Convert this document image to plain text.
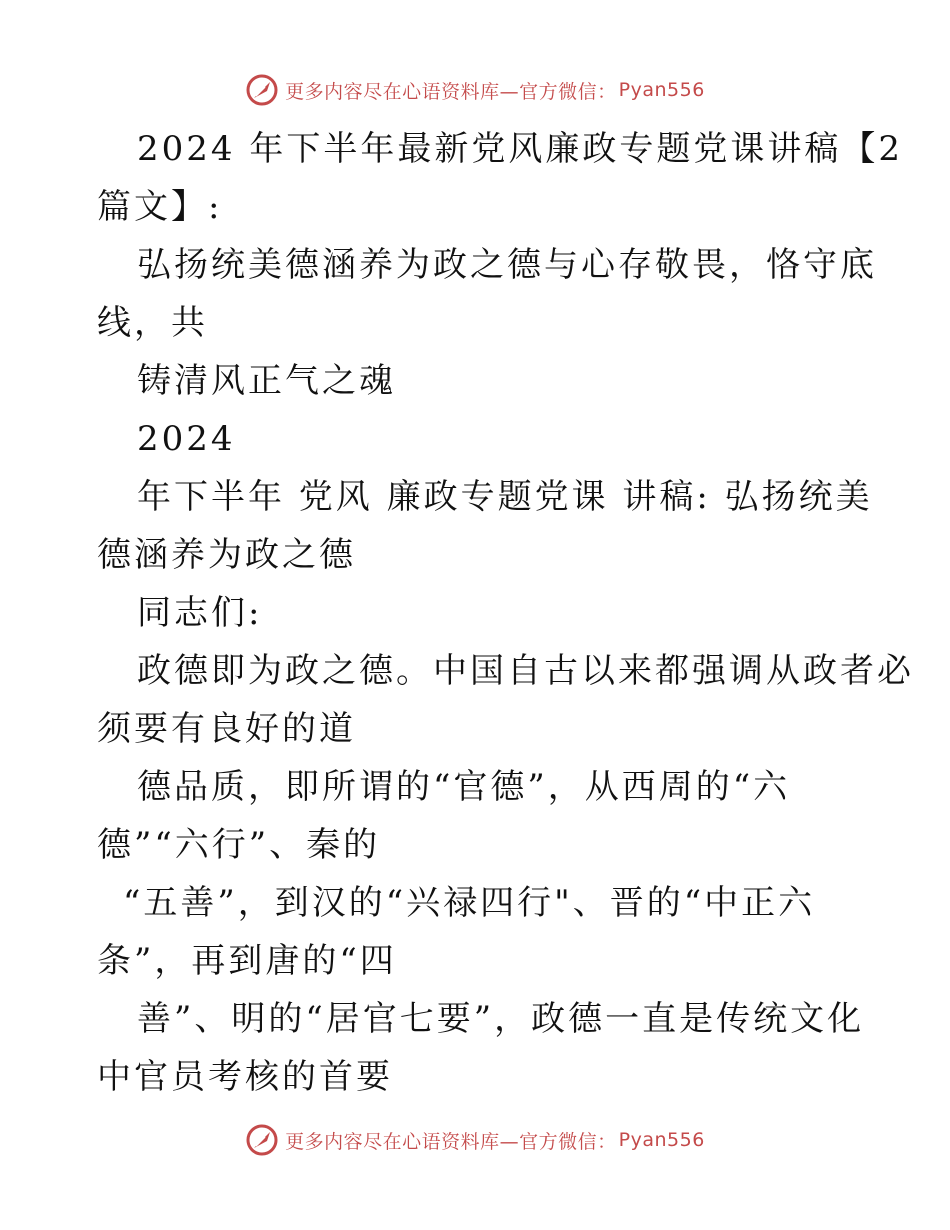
更多内容尽在心语资料库—官方微信： Pyan556
2024 年下半年最新党风廉政专题党课讲稿【2
篇文】:
弘扬统美德涵养为政之德与心存敬畏，恪守底
线，共
铸清风正气之魂
2024
年下半年 党风 廉政专题党课 讲稿: 弘扬统美
德涵养为政之德
同志们:
政德即为政之德。中国自古以来都强调从政者必
须要有良好的道
德品质，即所谓的“官德”，从西周的“六
德”“六行”、秦的
“五善”，到汉的“兴禄四行"、晋的“中正六
条”，再到唐的“四
善”、明的“居官七要”，政德一直是传统文化
中官员考核的首要
更多内容尽在心语资料库—官方微信： Pyan556
